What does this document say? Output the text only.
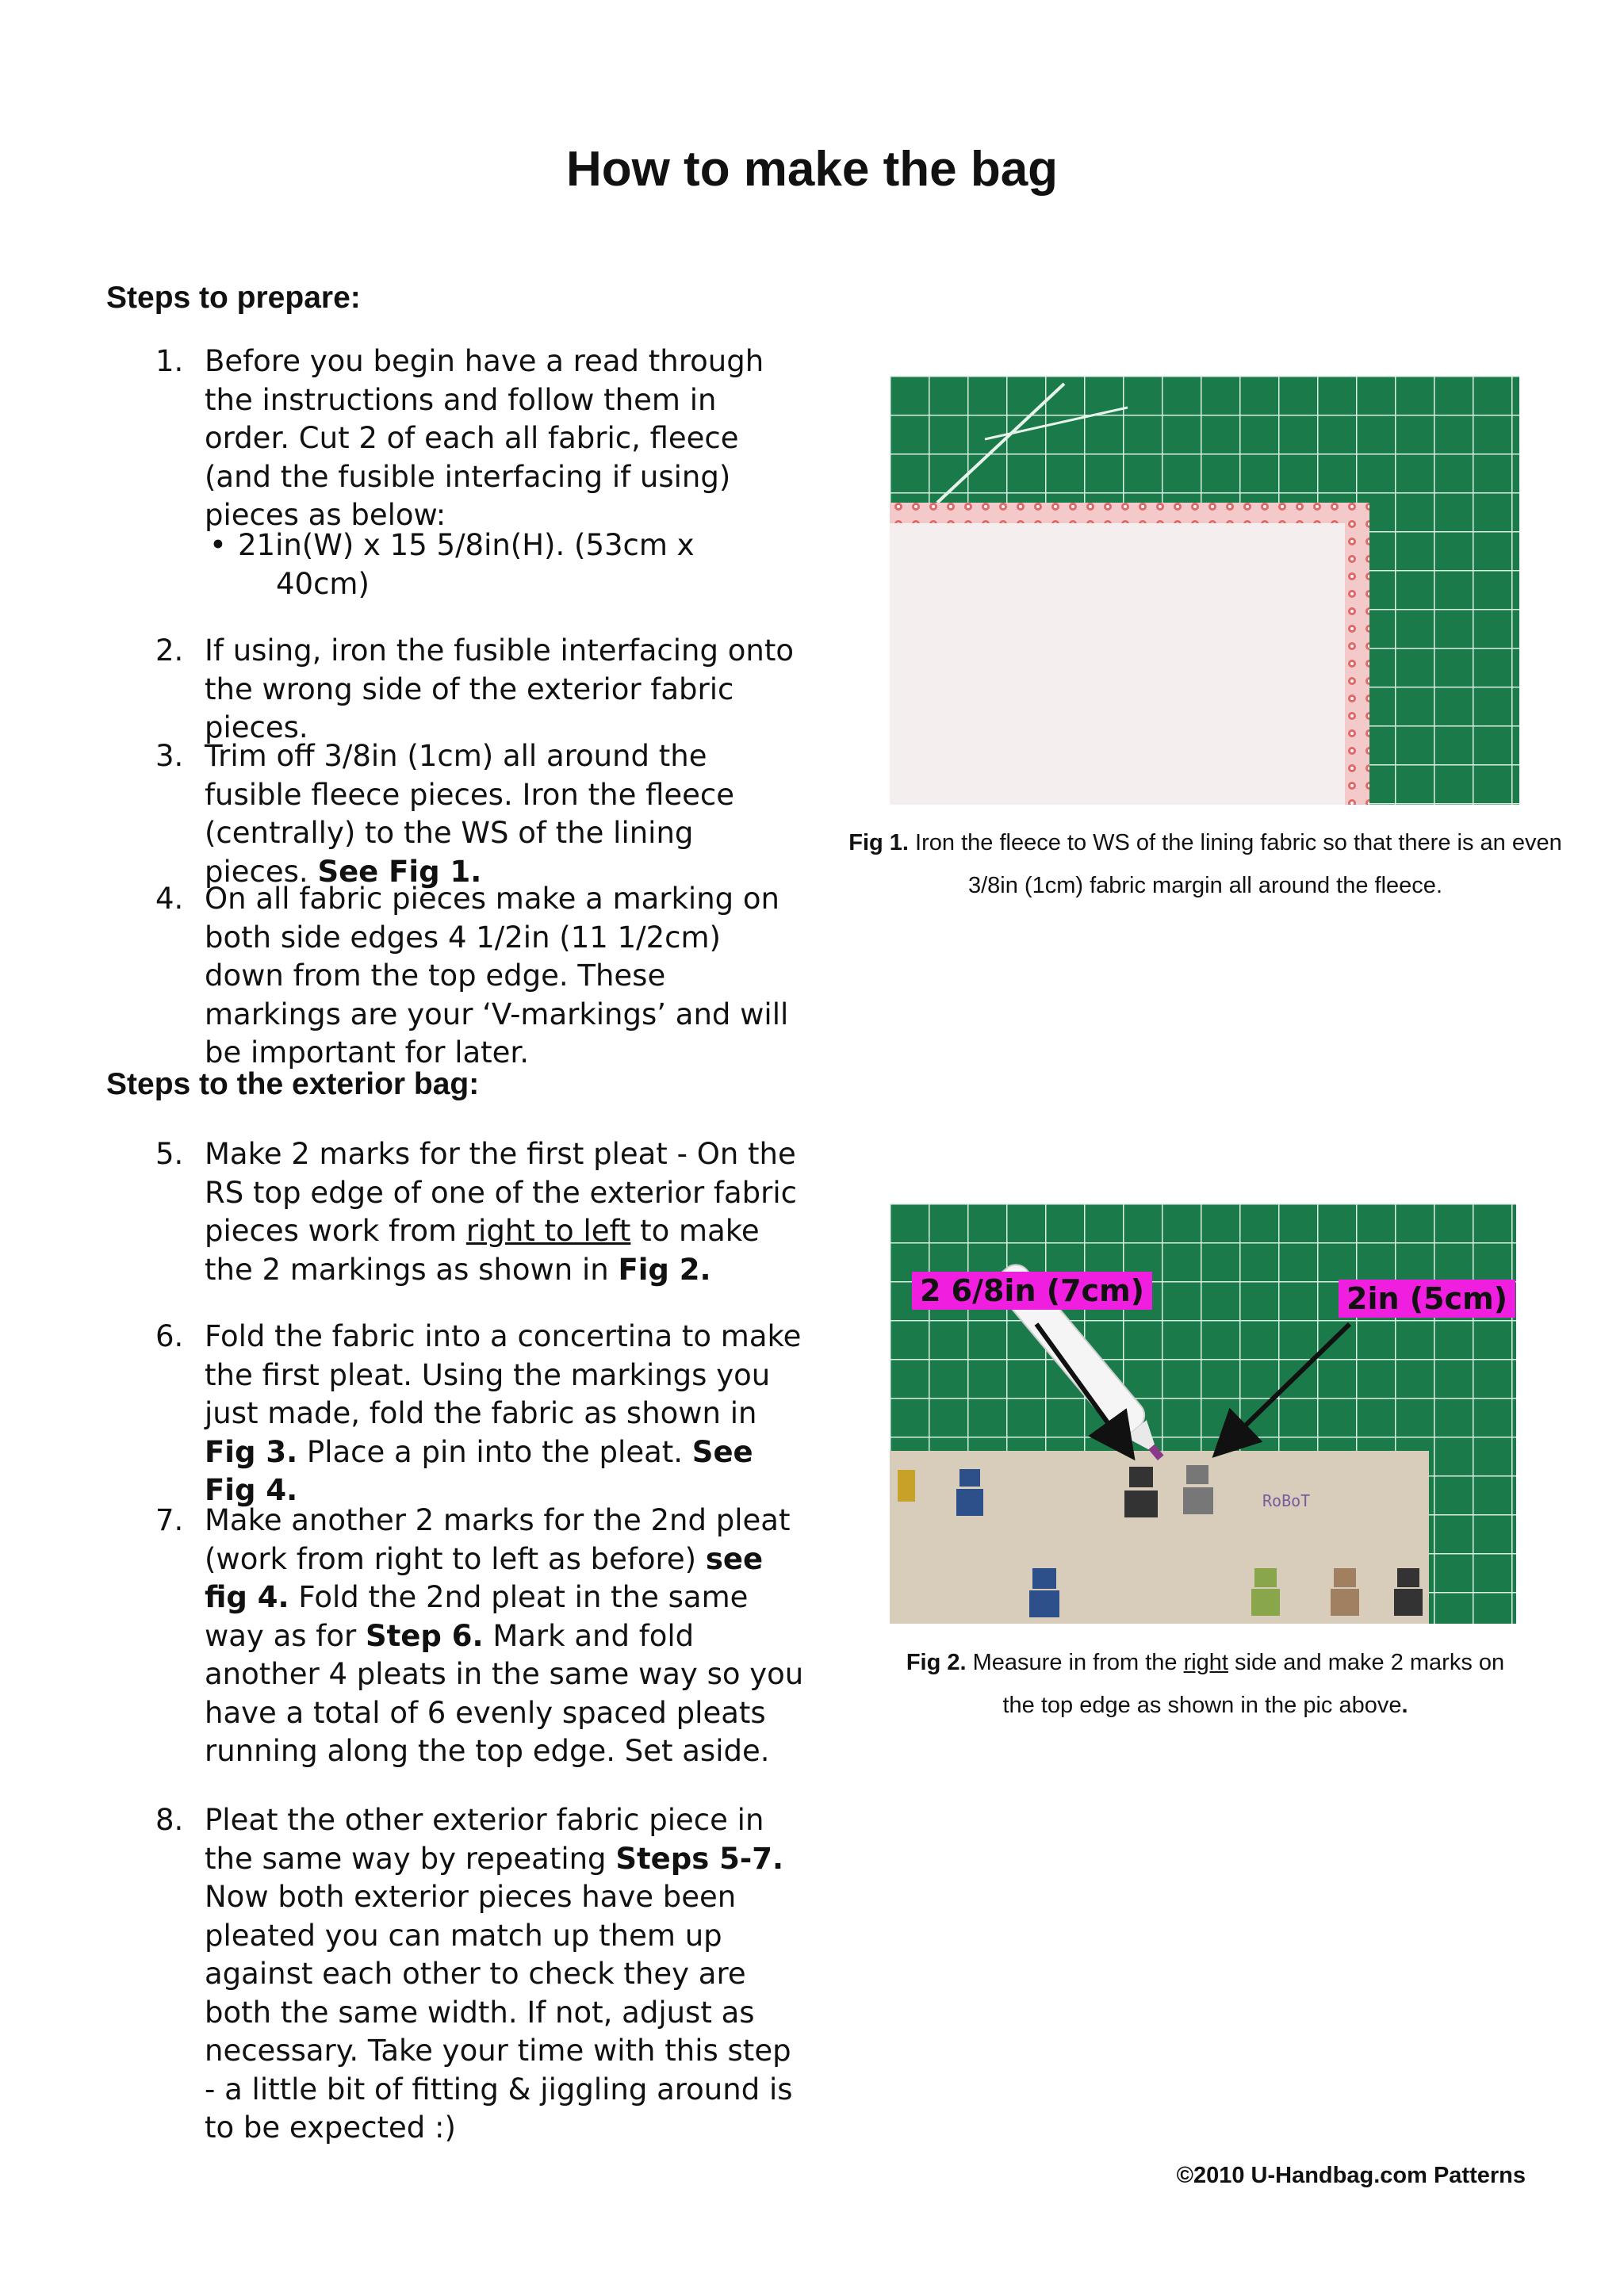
How to make the bag
Steps to prepare:
1. Before you begin have a read through the instructions and follow them in order. Cut 2 of each all fabric, fleece (and the fusible interfacing if using) pieces as below:
• 21in(W) x 15 5/8in(H). (53cm x
40cm)
2. If using, iron the fusible interfacing onto the wrong side of the exterior fabric pieces.
3. Trim off 3/8in (1cm) all around the fusible fleece pieces. Iron the fleece (centrally) to the WS of the lining pieces. See Fig 1.
4. On all fabric pieces make a marking on both side edges 4 1/2in (11 1/2cm) down from the top edge. These markings are your ‘V-markings’ and will be important for later.
Steps to the exterior bag:
5. Make 2 marks for the first pleat - On the RS top edge of one of the exterior fabric pieces work from right to left to make the 2 markings as shown in Fig 2.
6. Fold the fabric into a concertina to make the first pleat. Using the markings you just made, fold the fabric as shown in Fig 3. Place a pin into the pleat. See Fig 4.
7. Make another 2 marks for the 2nd pleat (work from right to left as before) see fig 4. Fold the 2nd pleat in the same way as for Step 6. Mark and fold another 4 pleats in the same way so you have a total of 6 evenly spaced pleats running along the top edge. Set aside.
8. Pleat the other exterior fabric piece in the same way by repeating Steps 5-7. Now both exterior pieces have been pleated you can match up them up against each other to check they are both the same width. If not, adjust as necessary. Take your time with this step - a little bit of fitting & jiggling around is to be expected :)
Fig 1. Iron the fleece to WS of the lining fabric so that there is an even 3/8in (1cm) fabric margin all around the fleece.
RoBoT
2 6/8in (7cm)	2in (5cm)
Fig 2. Measure in from the right side and make 2 marks on the top edge as shown in the pic above.
©2010 U-Handbag.com Patterns
